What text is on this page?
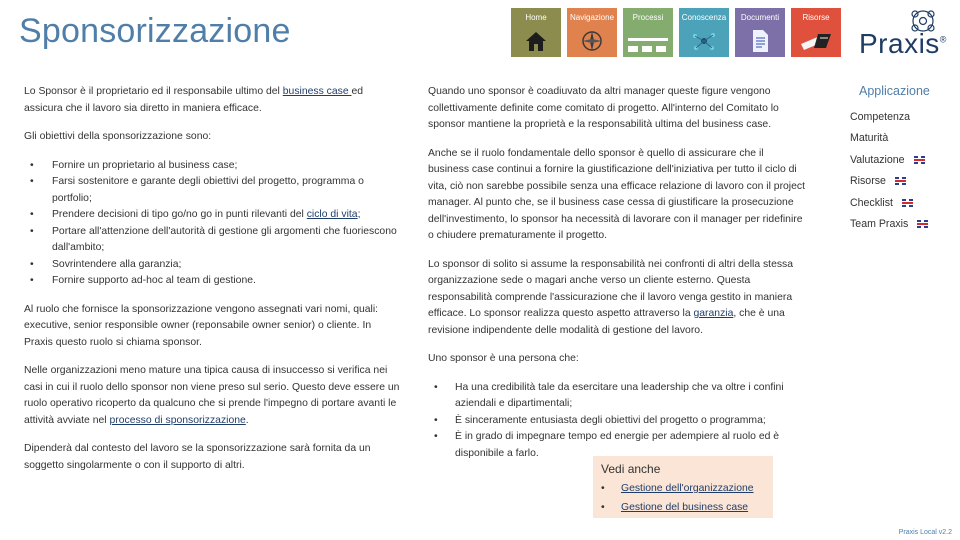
Sponsorizzazione	Home	Navigazione	Processi	Conoscenza	Documenti	Risorse
Praxis®

Lo Sponsor è il proprietario ed il responsabile ultimo del business case ed assicura che il lavoro sia diretto in maniera efficace.

Gli obiettivi della sponsorizzazione sono:

• Fornire un proprietario al business case;
• Farsi sostenitore e garante degli obiettivi del progetto, programma o portfolio;
• Prendere decisioni di tipo go/no go in punti rilevanti del ciclo di vita;
• Portare all'attenzione dell'autorità di gestione gli argomenti che fuoriescono dall'ambito;
• Sovrintendere alla garanzia;
• Fornire supporto ad-hoc al team di gestione.

Al ruolo che fornisce la sponsorizzazione vengono assegnati vari nomi, quali: executive, senior responsible owner (reponsabile owner senior) o cliente. In Praxis questo ruolo si chiama sponsor.

Nelle organizzazioni meno mature una tipica causa di insuccesso si verifica nei casi in cui il ruolo dello sponsor non viene preso sul serio. Questo deve essere un ruolo operativo ricoperto da qualcuno che si prende l'impegno di portare avanti le attività avviate nel processo di sponsorizzazione.

Dipenderà dal contesto del lavoro se la sponsorizzazione sarà fornita da un soggetto singolarmente o con il supporto di altri.

Quando uno sponsor è coadiuvato da altri manager queste figure vengono collettivamente definite come comitato di progetto. All'interno del Comitato lo sponsor mantiene la proprietà e la responsabilità ultima del business case.

Anche se il ruolo fondamentale dello sponsor è quello di assicurare che il business case continui a fornire la giustificazione dell'iniziativa per tutto il ciclo di vita, ciò non sarebbe possibile senza una efficace relazione di lavoro con il project manager. Al punto che, se il business case cessa di giustificare la prosecuzione dell'investimento, lo sponsor ha necessità di lavorare con il manager per ridefinire o chiudere prematuramente il progetto.

Lo sponsor di solito si assume la responsabilità nei confronti di altri della stessa organizzazione sede o magari anche verso un cliente esterno. Questa responsabilità comprende l'assicurazione che il lavoro venga gestito in maniera efficace. Lo sponsor realizza questo aspetto attraverso la garanzia, che è una revisione indipendente delle modalità di gestione del lavoro.

Uno sponsor è una persona che:

• Ha una credibilità tale da esercitare una leadership che va oltre i confini aziendali e dipartimentali;
• È sinceramente entusiasta degli obiettivi del progetto o programma;
• È in grado di impegnare tempo ed energie per adempiere al ruolo ed è disponibile a farlo.
Vedi anche
• Gestione dell'organizzazione
• Gestione del business case
Applicazione
Competenza
Maturità
Valutazione
Risorse
Checklist
Team Praxis
Praxis Local v2.2
